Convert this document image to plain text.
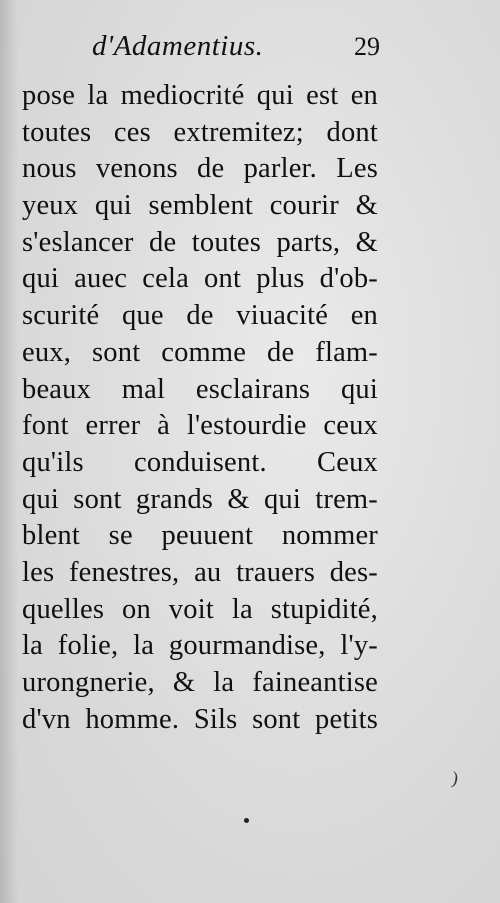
d'Adamentius.	29
pose la mediocrité qui est en
toutes ces extremitez; dont
nous venons de parler. Les
yeux qui semblent courir &
s'eslancer de toutes parts, &
qui auec cela ont plus d'ob-
scurité que de viuacité en
eux, sont comme de flam-
beaux mal esclairans qui
font errer à l'estourdie ceux
qu'ils conduisent. Ceux
qui sont grands & qui trem-
blent se peuuent nommer
les fenestres, au trauers des-
quelles on voit la stupidité,
la folie, la gourmandise, l'y-
urongnerie, & la faineantise
d'vn homme. Sils sont petits
)
